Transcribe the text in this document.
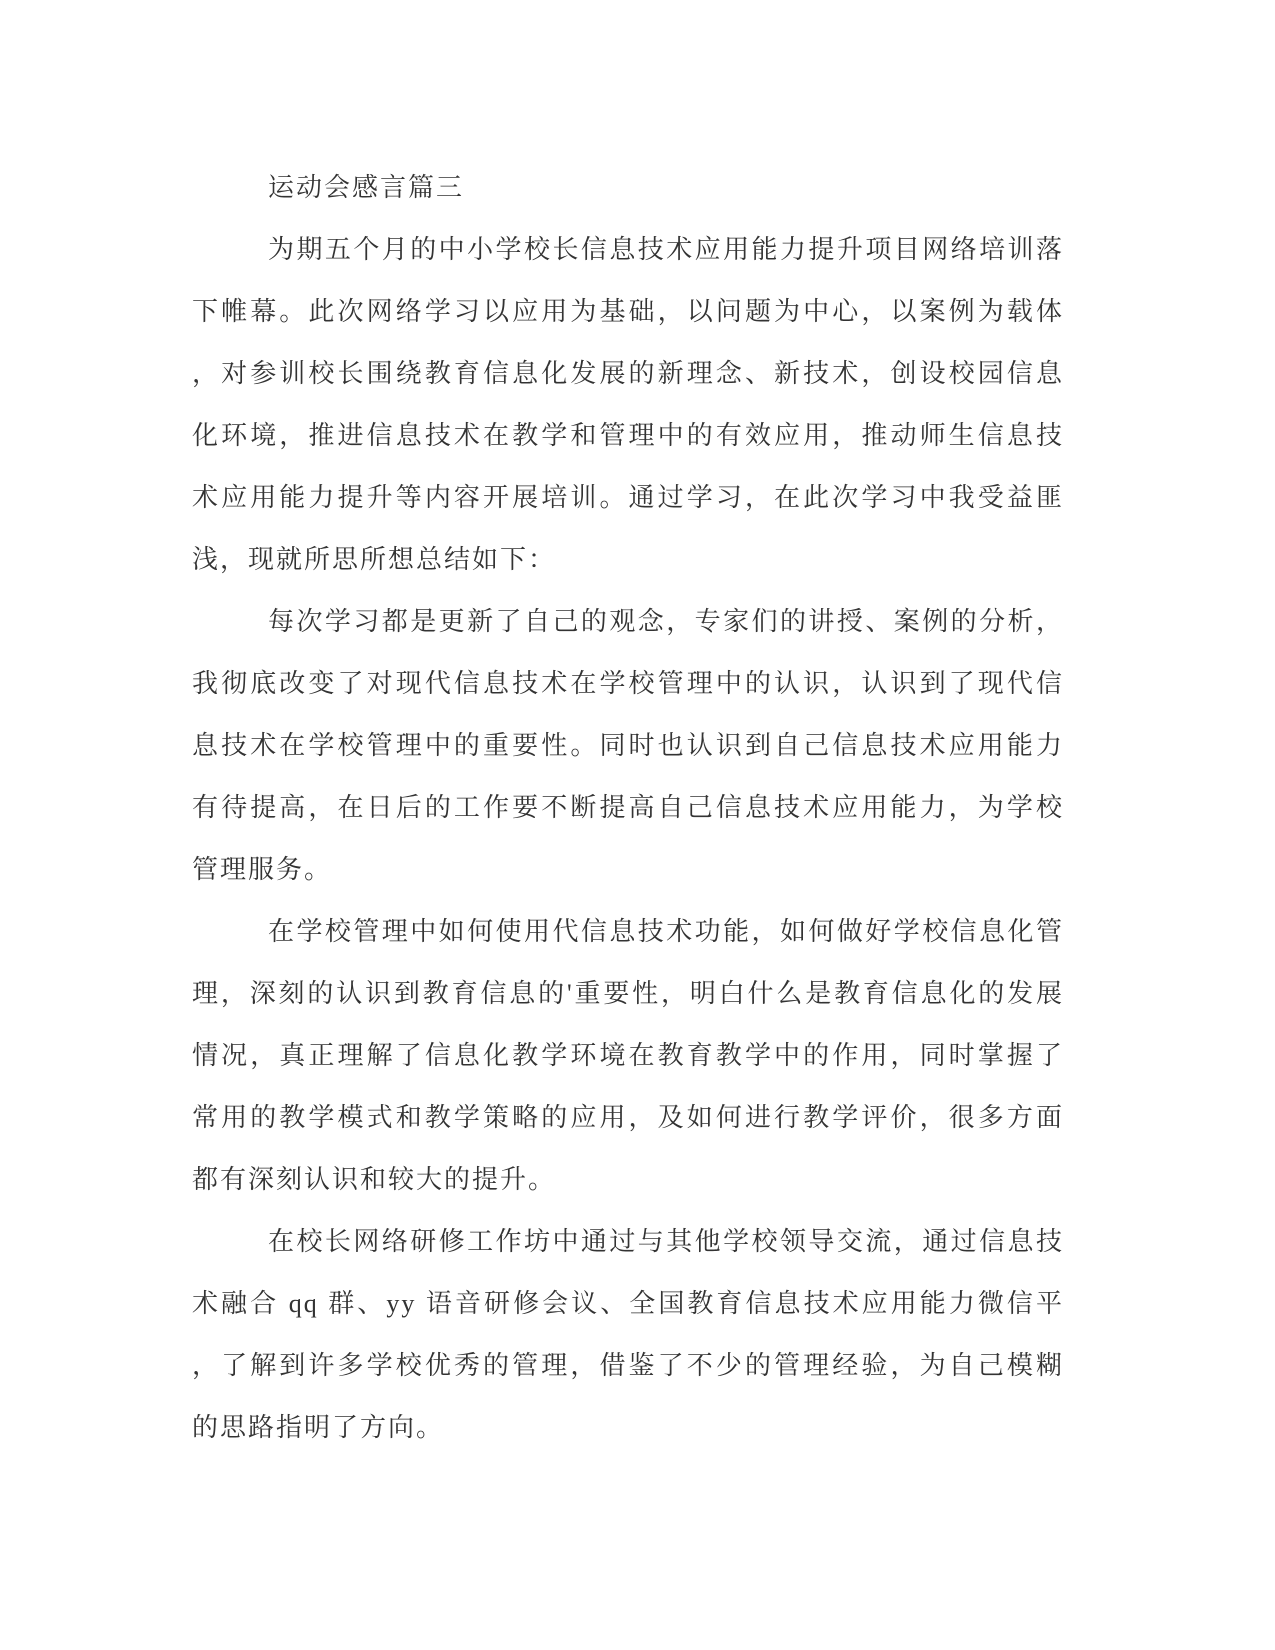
运动会感言篇三
为期五个月的中小学校长信息技术应用能力提升项目网络培训落
下帷幕。此次网络学习以应用为基础，以问题为中心，以案例为载体
，对参训校长围绕教育信息化发展的新理念、新技术，创设校园信息
化环境，推进信息技术在教学和管理中的有效应用，推动师生信息技
术应用能力提升等内容开展培训。通过学习，在此次学习中我受益匪
浅，现就所思所想总结如下：
每次学习都是更新了自己的观念，专家们的讲授、案例的分析，
我彻底改变了对现代信息技术在学校管理中的认识，认识到了现代信
息技术在学校管理中的重要性。同时也认识到自己信息技术应用能力
有待提高，在日后的工作要不断提高自己信息技术应用能力，为学校
管理服务。
在学校管理中如何使用代信息技术功能，如何做好学校信息化管
理，深刻的认识到教育信息的'重要性，明白什么是教育信息化的发展
情况，真正理解了信息化教学环境在教育教学中的作用，同时掌握了
常用的教学模式和教学策略的应用，及如何进行教学评价，很多方面
都有深刻认识和较大的提升。
在校长网络研修工作坊中通过与其他学校领导交流，通过信息技
术融合 qq 群、yy 语音研修会议、全国教育信息技术应用能力微信平
，了解到许多学校优秀的管理，借鉴了不少的管理经验，为自己模糊
的思路指明了方向。
